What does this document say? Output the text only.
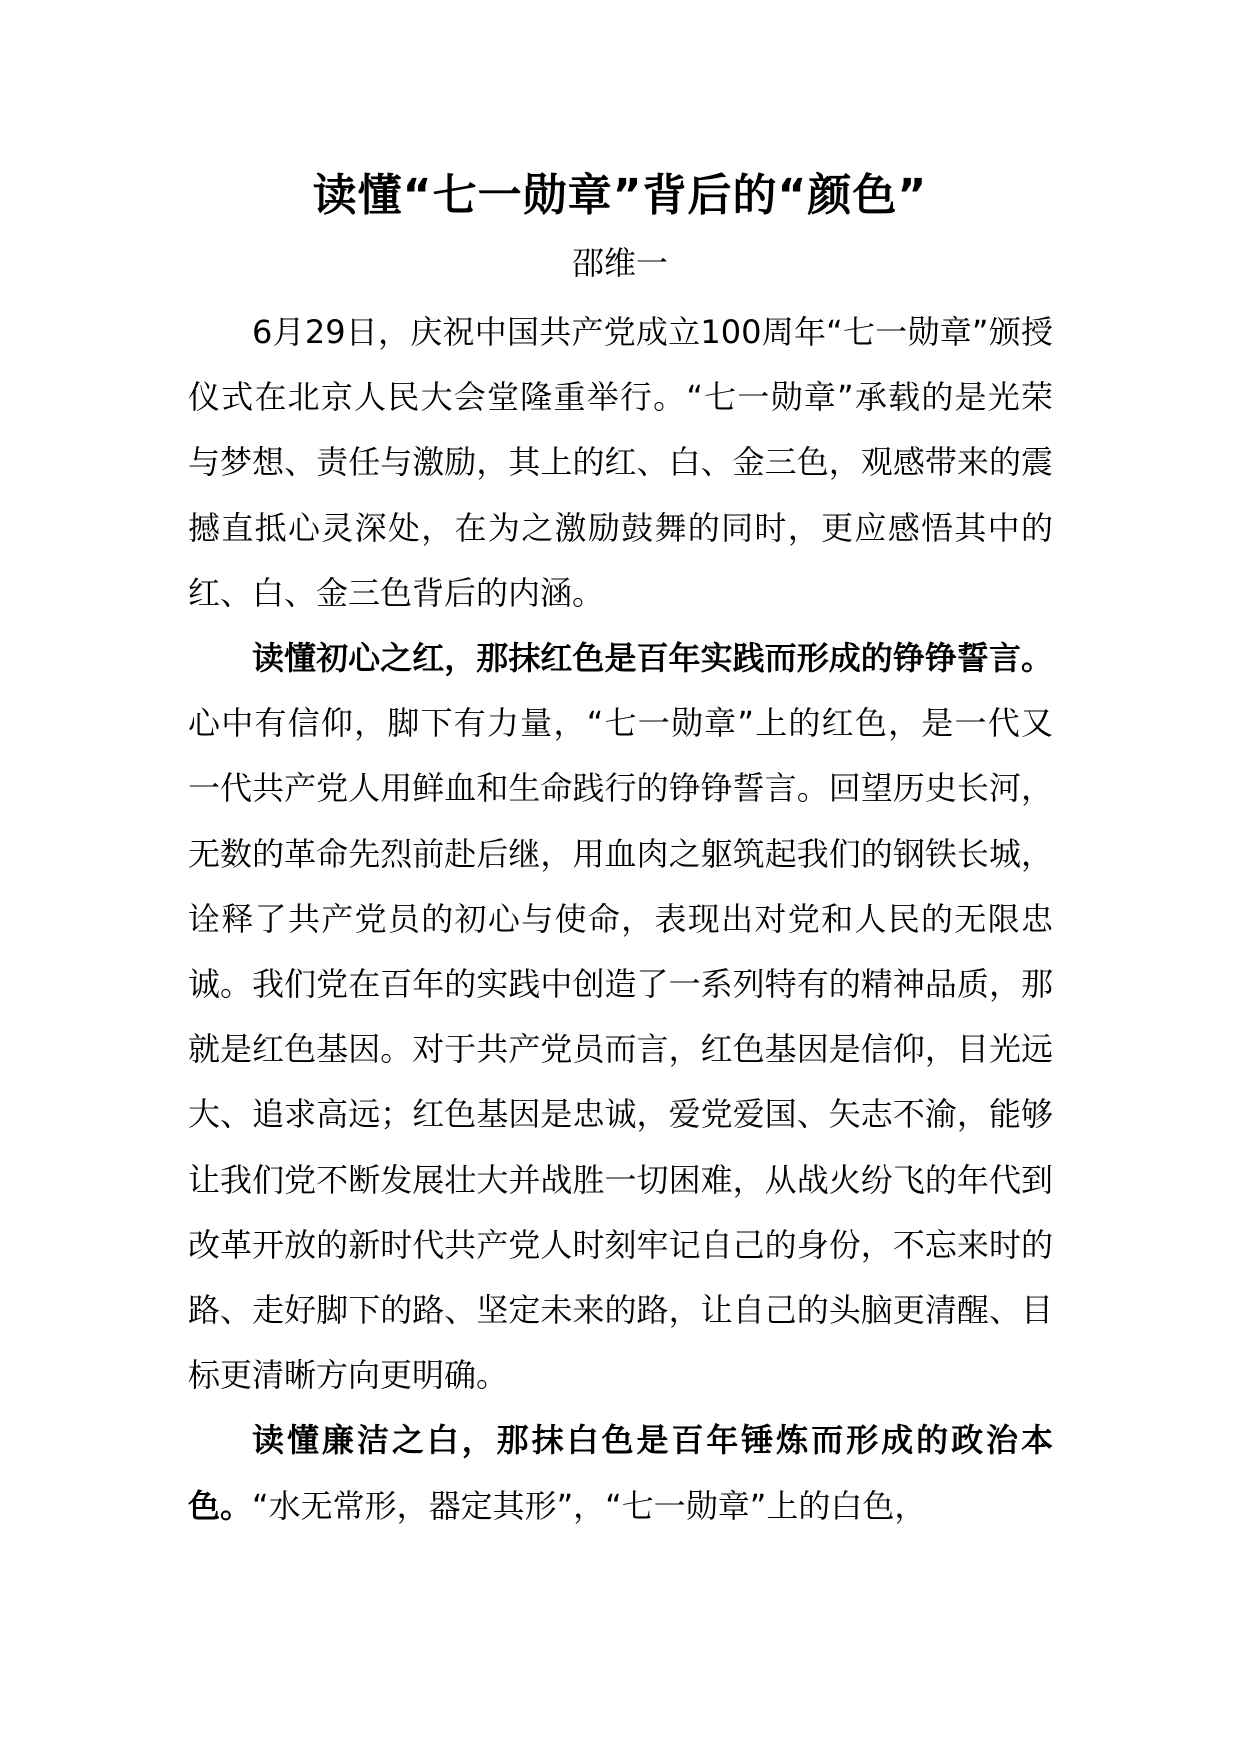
读懂“七一勋章”背后的“颜色”
邵维一

6月29日，庆祝中国共产党成立100周年“七一勋章”颁授仪式在北京人民大会堂隆重举行。“七一勋章”承载的是光荣与梦想、责任与激励，其上的红、白、金三色，观感带来的震撼直抵心灵深处，在为之激励鼓舞的同时，更应感悟其中的红、白、金三色背后的内涵。

读懂初心之红，那抹红色是百年实践而形成的铮铮誓言。心中有信仰，脚下有力量，“七一勋章”上的红色，是一代又一代共产党人用鲜血和生命践行的铮铮誓言。回望历史长河，无数的革命先烈前赴后继，用血肉之躯筑起我们的钢铁长城，诠释了共产党员的初心与使命，表现出对党和人民的无限忠诚。我们党在百年的实践中创造了一系列特有的精神品质，那就是红色基因。对于共产党员而言，红色基因是信仰，目光远大、追求高远；红色基因是忠诚，爱党爱国、矢志不渝，能够让我们党不断发展壮大并战胜一切困难，从战火纷飞的年代到改革开放的新时代共产党人时刻牢记自己的身份，不忘来时的路、走好脚下的路、坚定未来的路，让自己的头脑更清醒、目标更清晰方向更明确。

读懂廉洁之白，那抹白色是百年锤炼而形成的政治本色。“水无常形，器定其形”，“七一勋章”上的白色，
